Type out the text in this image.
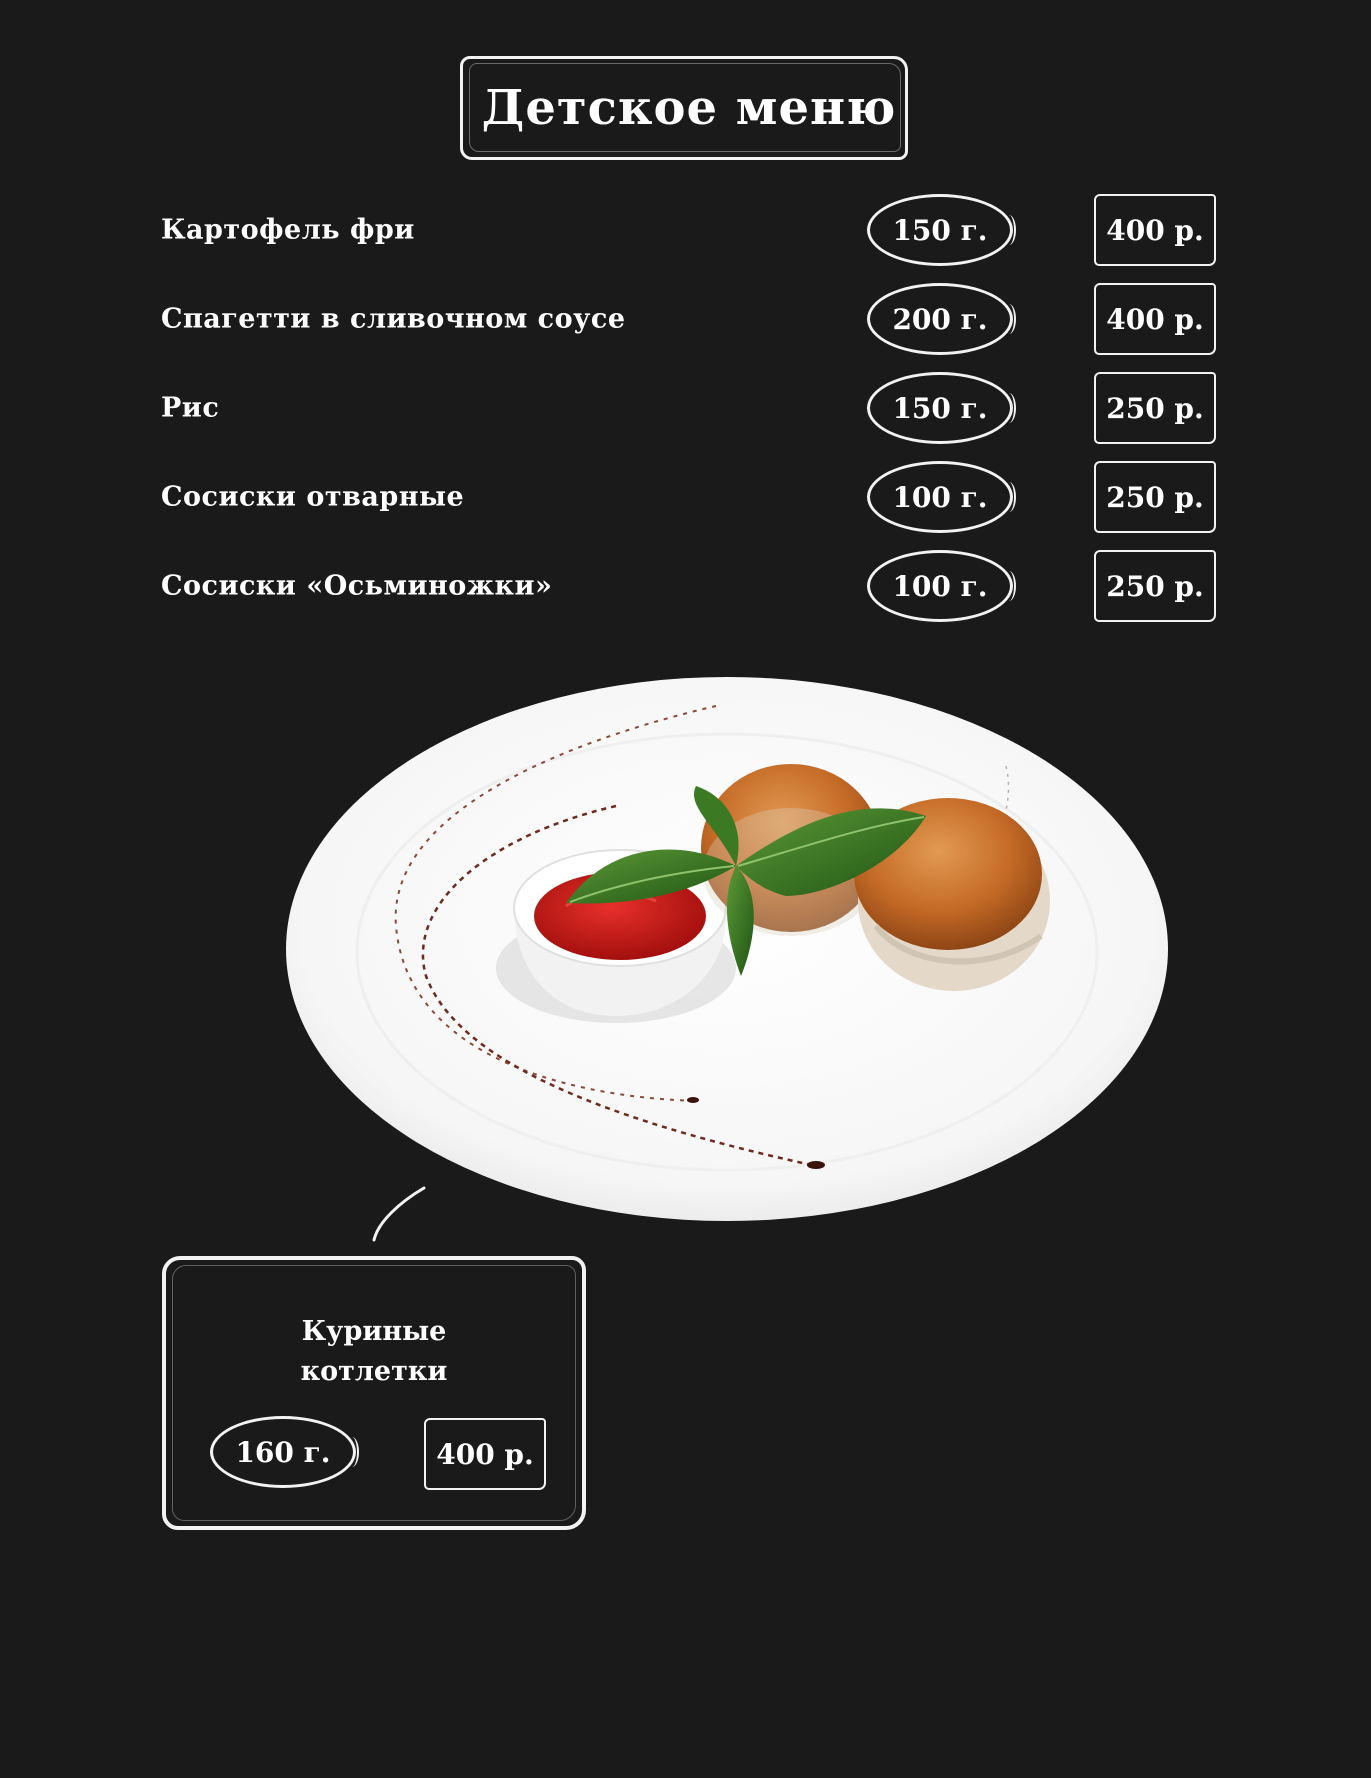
Детское меню
Картофель фри	150 г.	400 р.
Спагетти в сливочном соусе	200 г.	400 р.
Рис	150 г.	250 р.
Сосиски отварные	100 г.	250 р.
Сосиски «Осьминожки»	100 г.	250 р.
Куриные
котлетки
160 г.	400 р.
